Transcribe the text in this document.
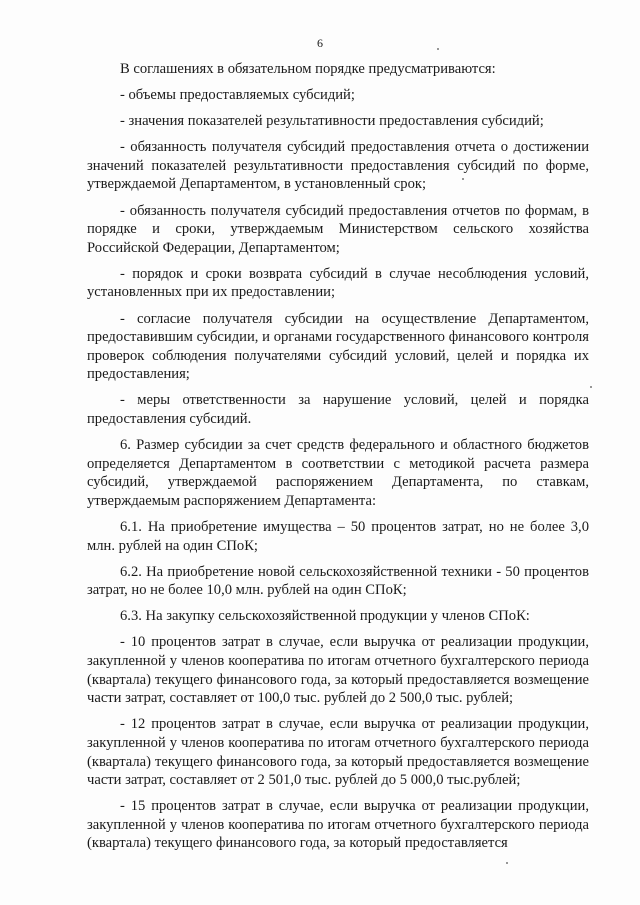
6

В соглашениях в обязательном порядке предусматриваются:

- объемы предоставляемых субсидий;

- значения показателей результативности предоставления субсидий;

- обязанность получателя субсидий предоставления отчета о достижении значений показателей результативности предоставления субсидий по форме, утверждаемой Департаментом, в установленный срок;

- обязанность получателя субсидий предоставления отчетов по формам, в порядке и сроки, утверждаемым Министерством сельского хозяйства Российской Федерации, Департаментом;

- порядок и сроки возврата субсидий в случае несоблюдения условий, установленных при их предоставлении;

- согласие получателя субсидии на осуществление Департаментом, предоставившим субсидии, и органами государственного финансового контроля проверок соблюдения получателями субсидий условий, целей и порядка их предоставления;

- меры ответственности за нарушение условий, целей и порядка предоставления субсидий.

6. Размер субсидии за счет средств федерального и областного бюджетов определяется Департаментом в соответствии с методикой расчета размера субсидий, утверждаемой распоряжением Департамента, по ставкам, утверждаемым распоряжением Департамента:

6.1. На приобретение имущества – 50 процентов затрат, но не более 3,0 млн. рублей на один СПоК;

6.2. На приобретение новой сельскохозяйственной техники - 50 процентов затрат, но не более 10,0 млн. рублей на один СПоК;

6.3. На закупку сельскохозяйственной продукции у членов СПоК:

- 10 процентов затрат в случае, если выручка от реализации продукции, закупленной у членов кооператива по итогам отчетного бухгалтерского периода (квартала) текущего финансового года, за который предоставляется возмещение части затрат, составляет от 100,0 тыс. рублей до 2 500,0 тыс. рублей;

- 12 процентов затрат в случае, если выручка от реализации продукции, закупленной у членов кооператива по итогам отчетного бухгалтерского периода (квартала) текущего финансового года, за который предоставляется возмещение части затрат, составляет от 2 501,0 тыс. рублей до 5 000,0 тыс.рублей;

- 15 процентов затрат в случае, если выручка от реализации продукции, закупленной у членов кооператива по итогам отчетного бухгалтерского периода (квартала) текущего финансового года, за который предоставляется
